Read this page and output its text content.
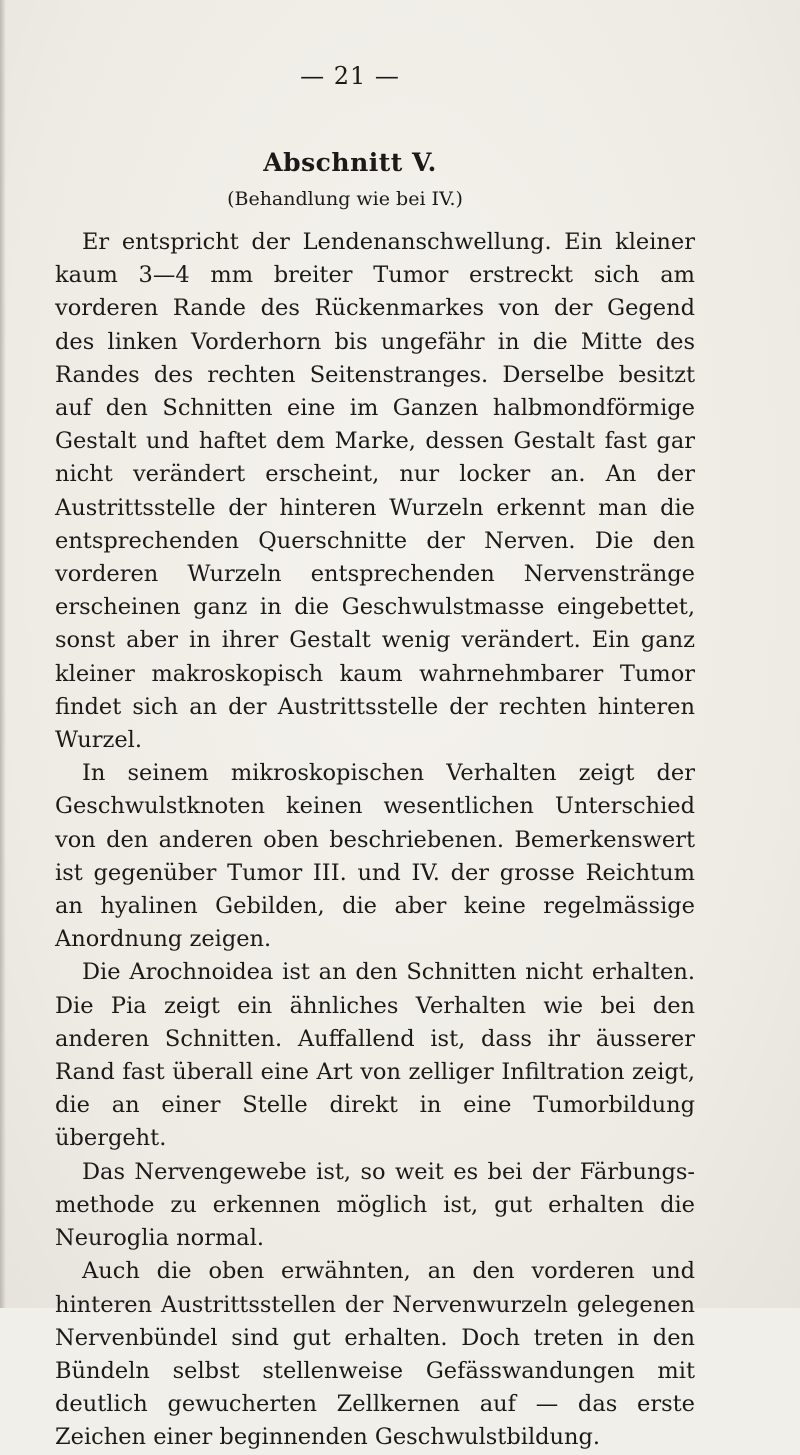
— 21 —
Abschnitt V.
(Behandlung wie bei IV.)

Er entspricht der Lendenanschwellung. Ein kleiner kaum 3—4 mm breiter Tumor erstreckt sich am vorderen Rande des Rückenmarkes von der Gegend des linken Vorderhorn bis ungefähr in die Mitte des Randes des rechten Seitenstranges. Derselbe besitzt auf den Schnitten eine im Ganzen halbmondförmige Gestalt und haftet dem Marke, dessen Gestalt fast gar nicht verändert erscheint, nur locker an. An der Austrittsstelle der hinteren Wurzeln erkennt man die entsprechenden Querschnitte der Nerven. Die den vorderen Wurzeln entsprechenden Nervenstränge erscheinen ganz in die Geschwulstmasse eingebettet, sonst aber in ihrer Gestalt wenig verändert. Ein ganz kleiner makroskopisch kaum wahrnehmbarer Tumor findet sich an der Austrittsstelle der rechten hinteren Wurzel.

In seinem mikroskopischen Verhalten zeigt der Geschwulstknoten keinen wesentlichen Unterschied von den anderen oben beschriebenen. Bemerkenswert ist gegenüber Tumor III. und IV. der grosse Reichtum an hyalinen Gebilden, die aber keine regelmässige Anordnung zeigen.

Die Arochnoidea ist an den Schnitten nicht erhalten. Die Pia zeigt ein ähnliches Verhalten wie bei den anderen Schnitten. Auffallend ist, dass ihr äusserer Rand fast überall eine Art von zelliger Infiltration zeigt, die an einer Stelle direkt in eine Tumorbildung übergeht.

Das Nervengewebe ist, so weit es bei der Färbungsmethode zu erkennen möglich ist, gut erhalten die Neuroglia normal.

Auch die oben erwähnten, an den vorderen und hinteren Austrittsstellen der Nervenwurzeln gelegenen Nervenbündel sind gut erhalten. Doch treten in den Bündeln selbst stellenweise Gefässwandungen mit deutlich gewucherten Zellkernen auf — das erste Zeichen einer beginnenden Geschwulstbildung.
